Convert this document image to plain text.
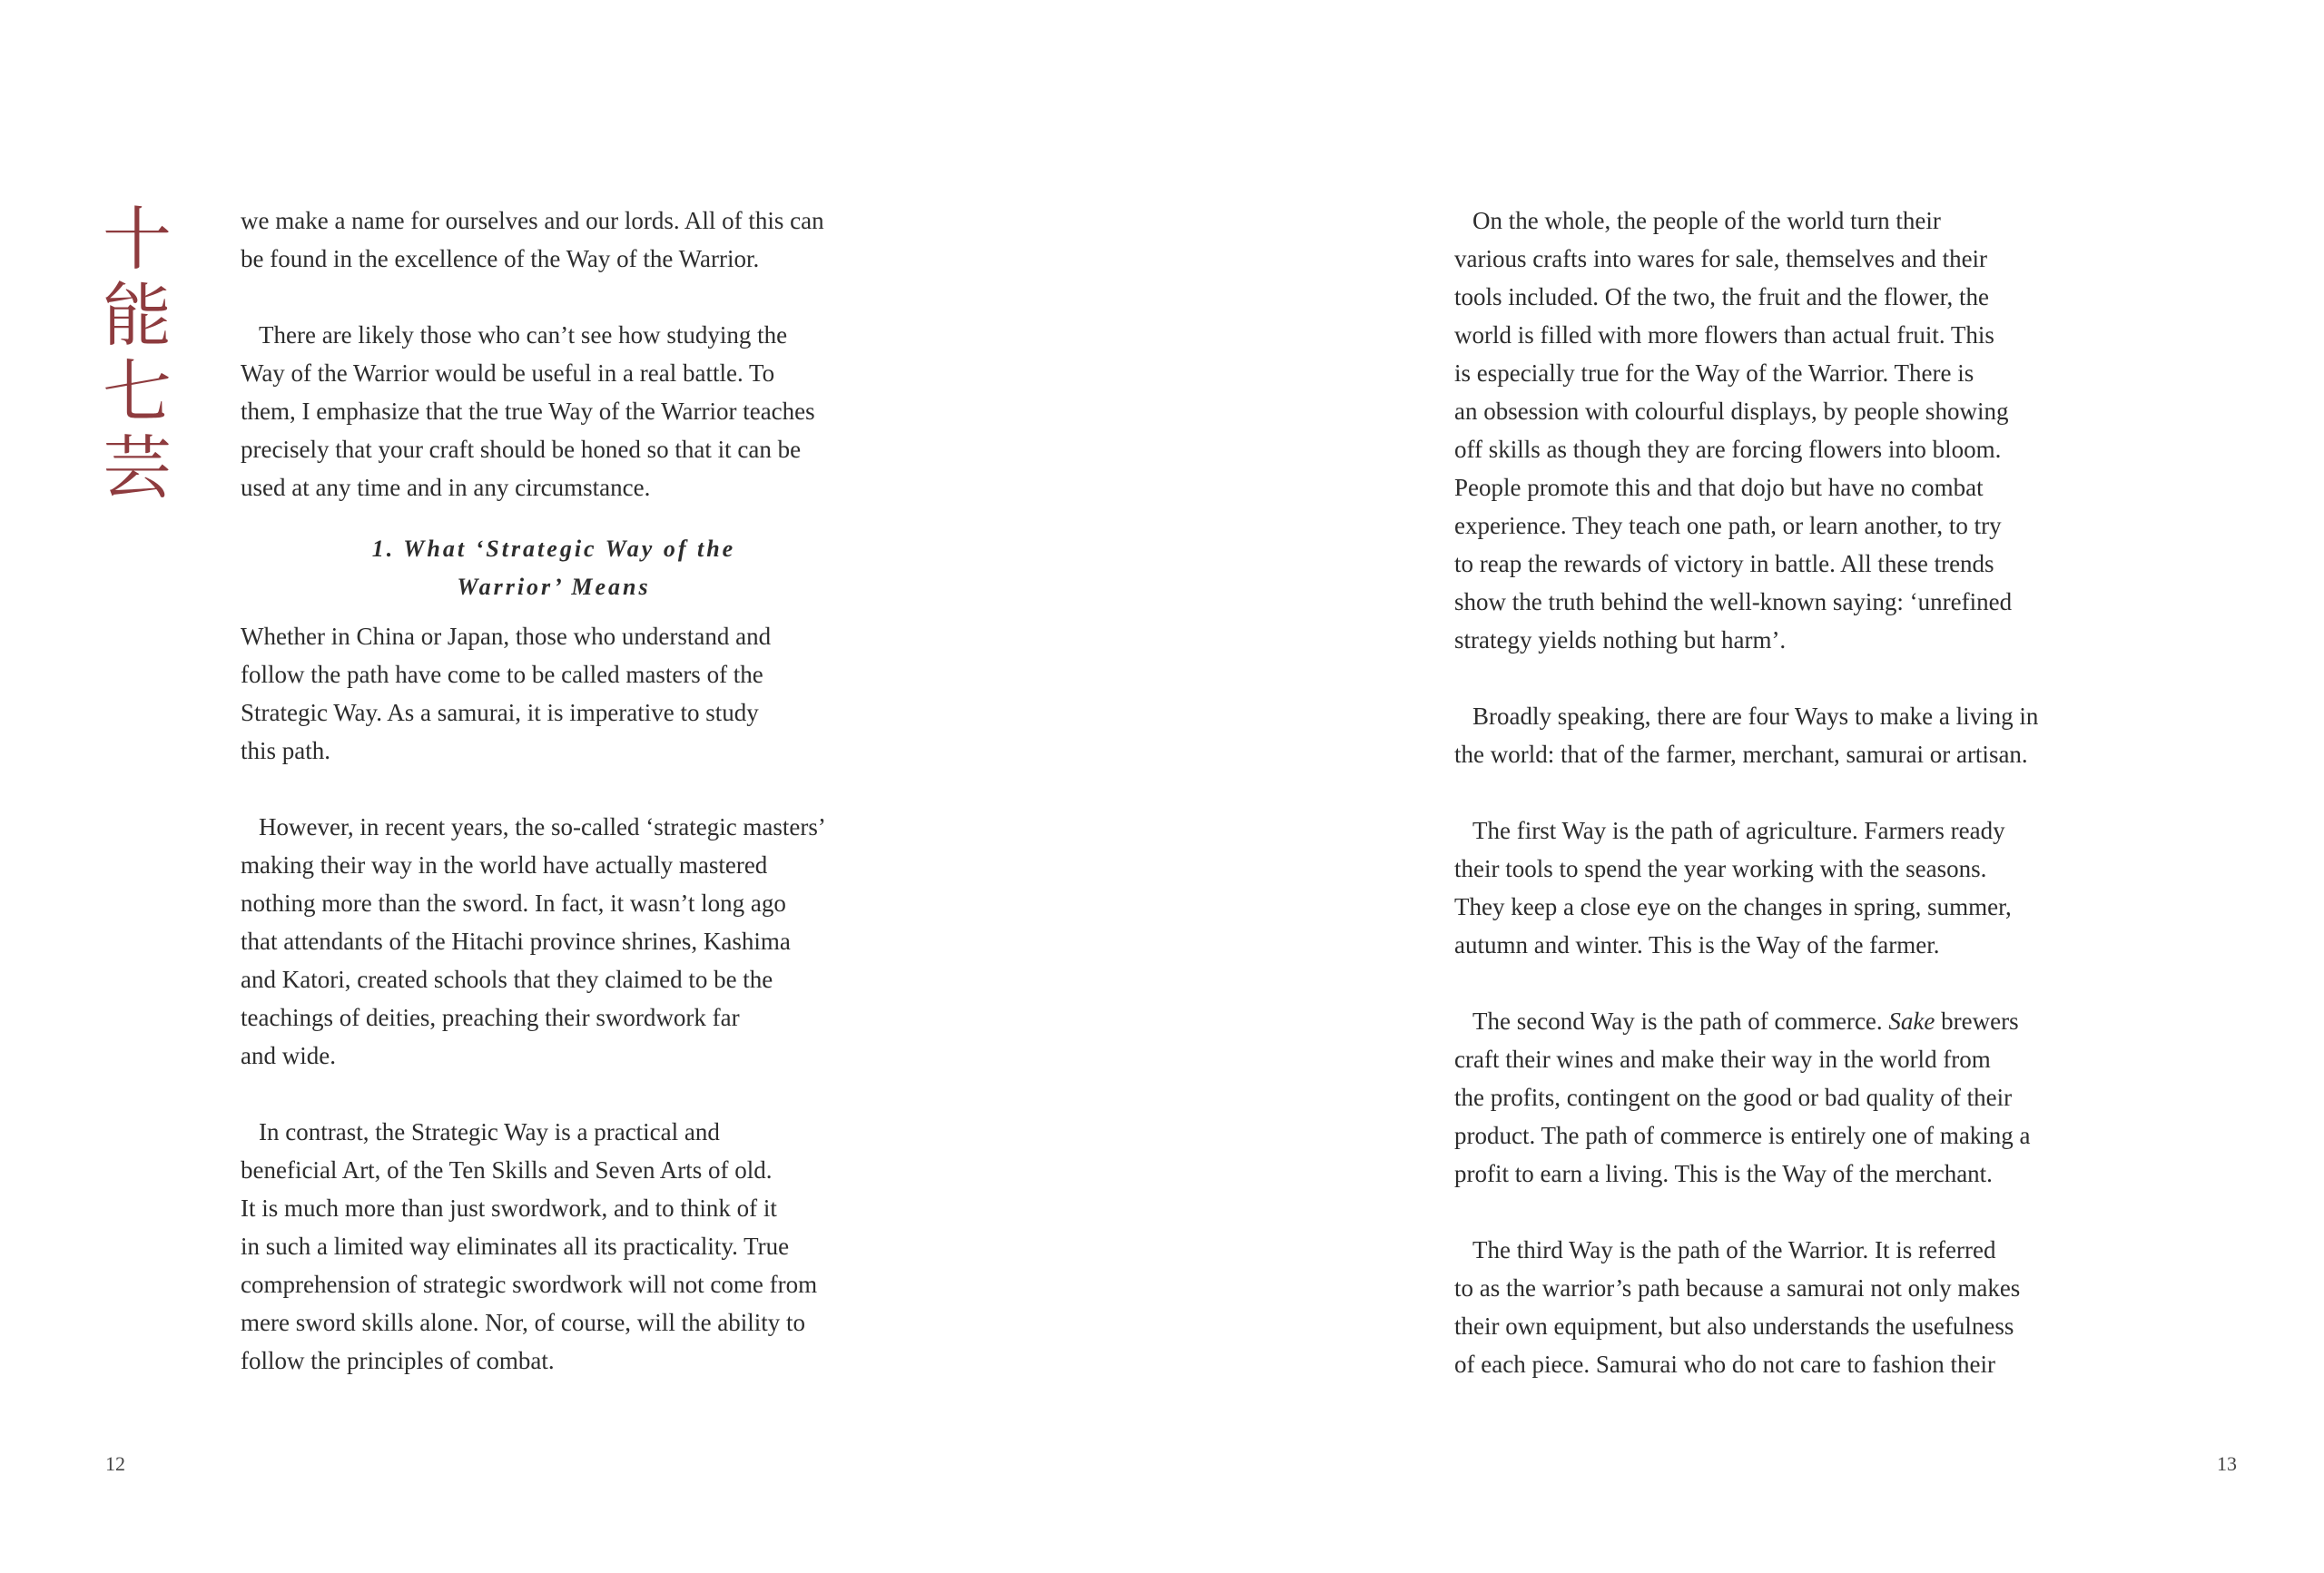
十
能
七
芸

we make a name for ourselves and our lords. All of this can
be found in the excellence of the Way of the Warrior.

There are likely those who can’t see how studying the
Way of the Warrior would be useful in a real battle. To
them, I emphasize that the true Way of the Warrior teaches
precisely that your craft should be honed so that it can be
used at any time and in any circumstance.

1. What ‘Strategic Way of the
Warrior’ Means

Whether in China or Japan, those who understand and
follow the path have come to be called masters of the
Strategic Way. As a samurai, it is imperative to study
this path.

However, in recent years, the so-called ‘strategic masters’
making their way in the world have actually mastered
nothing more than the sword. In fact, it wasn’t long ago
that attendants of the Hitachi province shrines, Kashima
and Katori, created schools that they claimed to be the
teachings of deities, preaching their swordwork far
and wide.

In contrast, the Strategic Way is a practical and
beneficial Art, of the Ten Skills and Seven Arts of old.
It is much more than just swordwork, and to think of it
in such a limited way eliminates all its practicality. True
comprehension of strategic swordwork will not come from
mere sword skills alone. Nor, of course, will the ability to
follow the principles of combat.

12

On the whole, the people of the world turn their
various crafts into wares for sale, themselves and their
tools included. Of the two, the fruit and the flower, the
world is filled with more flowers than actual fruit. This
is especially true for the Way of the Warrior. There is
an obsession with colourful displays, by people showing
off skills as though they are forcing flowers into bloom.
People promote this and that dojo but have no combat
experience. They teach one path, or learn another, to try
to reap the rewards of victory in battle. All these trends
show the truth behind the well-known saying: ‘unrefined
strategy yields nothing but harm’.

Broadly speaking, there are four Ways to make a living in
the world: that of the farmer, merchant, samurai or artisan.

The first Way is the path of agriculture. Farmers ready
their tools to spend the year working with the seasons.
They keep a close eye on the changes in spring, summer,
autumn and winter. This is the Way of the farmer.

The second Way is the path of commerce. Sake brewers
craft their wines and make their way in the world from
the profits, contingent on the good or bad quality of their
product. The path of commerce is entirely one of making a
profit to earn a living. This is the Way of the merchant.

The third Way is the path of the Warrior. It is referred
to as the warrior’s path because a samurai not only makes
their own equipment, but also understands the usefulness
of each piece. Samurai who do not care to fashion their

13
